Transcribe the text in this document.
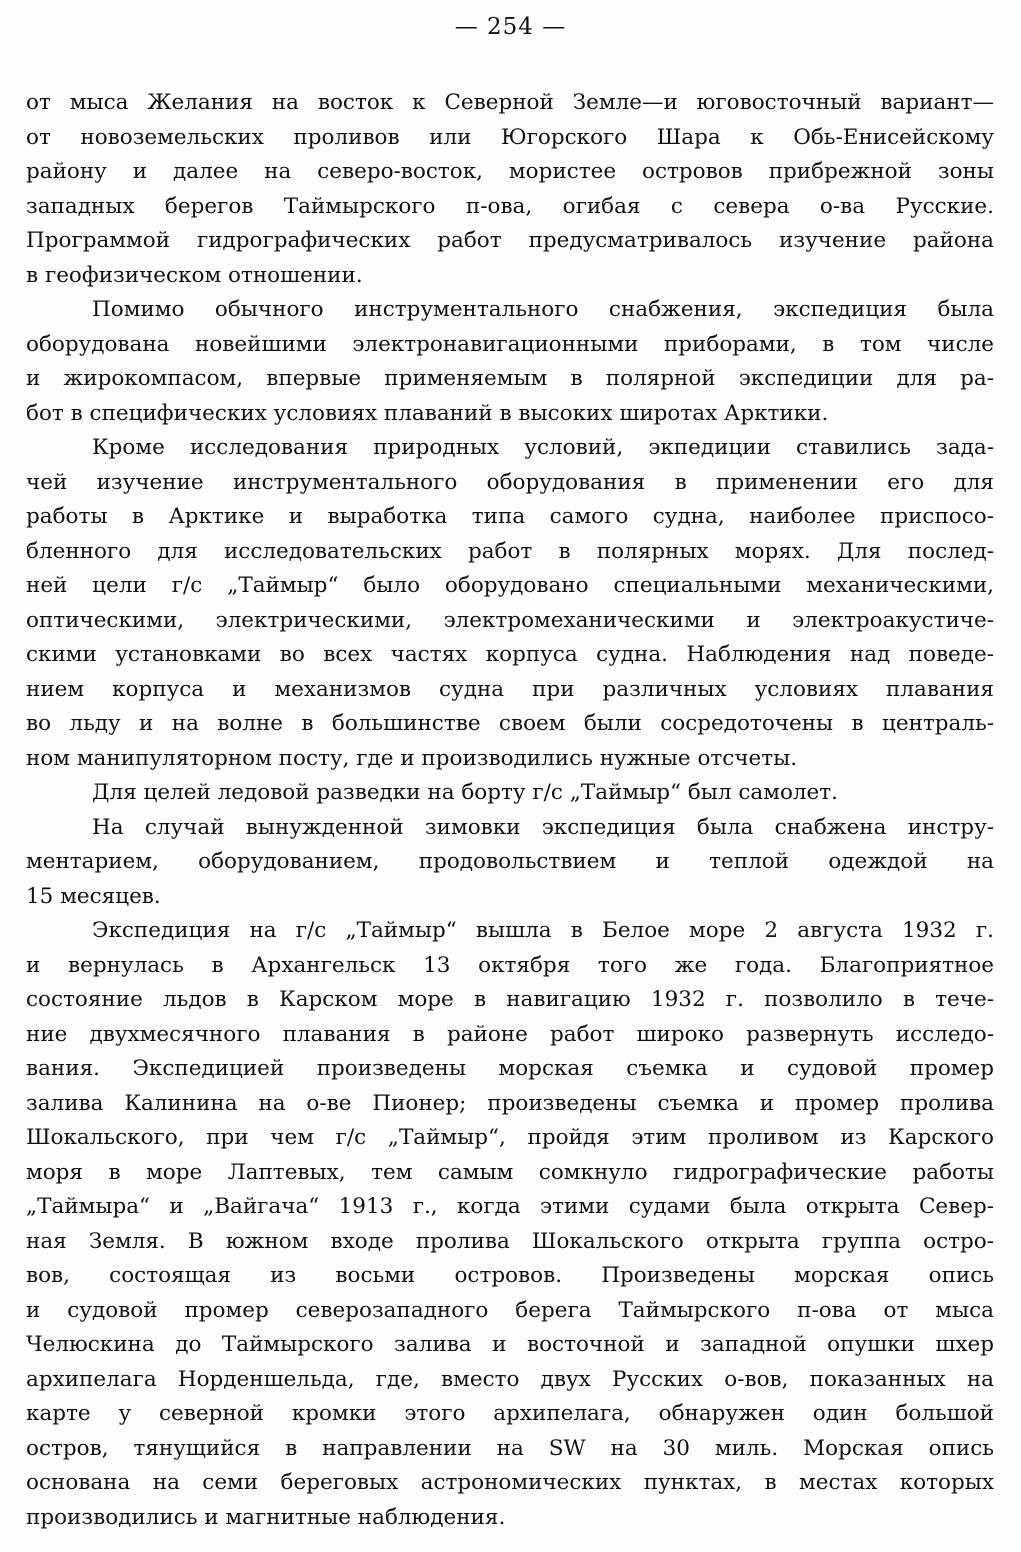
— 254 —
от мыса Желания на восток к Северной Земле—и юговосточный вариант—
от новоземельских проливов или Югорского Шара к Обь-Енисейскому
району и далее на северо-восток, мористее островов прибрежной зоны
западных берегов Таймырского п-ова, огибая с севера о-ва Русские.
Программой гидрографических работ предусматривалось изучение района
в геофизическом отношении.
Помимо обычного инструментального снабжения, экспедиция была
оборудована новейшими электронавигационными приборами, в том числе
и жирокомпасом, впервые применяемым в полярной экспедиции для ра-
бот в специфических условиях плаваний в высоких широтах Арктики.
Кроме исследования природных условий, экпедиции ставились зада-
чей изучение инструментального оборудования в применении его для
работы в Арктике и выработка типа самого судна, наиболее приспосо-
бленного для исследовательских работ в полярных морях. Для послед-
ней цели г/с „Таймыр“ было оборудовано специальными механическими,
оптическими, электрическими, электромеханическими и электроакустиче-
скими установками во всех частях корпуса судна. Наблюдения над поведе-
нием корпуса и механизмов судна при различных условиях плавания
во льду и на волне в большинстве своем были сосредоточены в централь-
ном манипуляторном посту, где и производились нужные отсчеты.
Для целей ледовой разведки на борту г/с „Таймыр“ был самолет.
На случай вынужденной зимовки экспедиция была снабжена инстру-
ментарием, оборудованием, продовольствием и теплой одеждой на
15 месяцев.
Экспедиция на г/с „Таймыр“ вышла в Белое море 2 августа 1932 г.
и вернулась в Архангельск 13 октября того же года. Благоприятное
состояние льдов в Карском море в навигацию 1932 г. позволило в тече-
ние двухмесячного плавания в районе работ широко развернуть исследо-
вания. Экспедицией произведены морская съемка и судовой промер
залива Калинина на о-ве Пионер; произведены съемка и промер пролива
Шокальского, при чем г/с „Таймыр“, пройдя этим проливом из Карского
моря в море Лаптевых, тем самым сомкнуло гидрографические работы
„Таймыра“ и „Вайгача“ 1913 г., когда этими судами была открыта Север-
ная Земля. В южном входе пролива Шокальского открыта группа остро-
вов, состоящая из восьми островов. Произведены морская опись
и судовой промер северозападного берега Таймырского п-ова от мыса
Челюскина до Таймырского залива и восточной и западной опушки шхер
архипелага Норденшельда, где, вместо двух Русских о-вов, показанных на
карте у северной кромки этого архипелага, обнаружен один большой
остров, тянущийся в направлении на SW на 30 миль. Морская опись
основана на семи береговых астрономических пунктах, в местах которых
производились и магнитные наблюдения.
